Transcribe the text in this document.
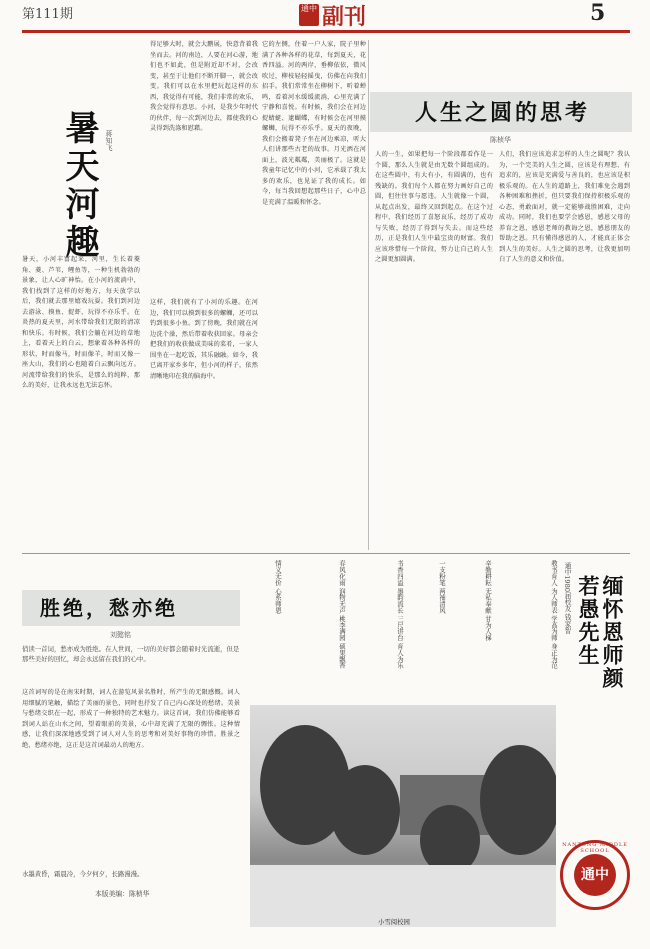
第111期	通中 副刊	5
暑天河趣 蒋知飞
得足够大时，就会大鹏展，快意背着我坐而去。河的南边，人要在河心游，地们也不如此，但是附近却不对，会改变，甚至于让他们不断开脚一，就会改变。我们可以在水里把玩起这样的东西，我觉得有可能，我们非常的欢乐，我会觉得有意思。小河，是我少年时代的伙伴，每一次到河边去，都使我的心灵得到洗涤和慰藉。
暑天，小河丰富起来，河里，生长着菱角、菱、芦苇，鲤鱼等，一种生机勃勃的景象，让人心旷神怡。在小河的流淌中，我们找到了这样的好地方，每天放学以后，我们就去那里嬉戏玩耍。我们到河边去游泳、摸鱼、捉虾，玩得不亦乐乎。在炎热的夏天里，河水带给我们无限的清凉和快乐。有时候，我们会躺在河边的草地上，看着天上的白云，想象着各种各样的形状，时而像马，时而像羊，时而又像一座大山，我们的心也随着白云飘向远方。河流带给我们的快乐，是那么的纯粹，那么的美好，让我永远也无法忘怀。
这样，我们就有了小河的乐趣。在河边，我们可以摸到很多的螺蛳，还可以钓到很多小鱼。到了傍晚，我们就在河边洗个澡，然后带着收获回家。母亲会把我们的收获做成美味的菜肴，一家人围坐在一起吃饭，其乐融融。如今，我已离开家乡多年，但小河的样子，依然清晰地印在我的脑海中。
它的左侧，住着一户人家，院子里种满了各种各样的花草，每到夏天，花香四溢。河的两岸，垂柳依依，微风吹过，柳枝轻轻摇曳，仿佛在向我们招手。我们常常坐在柳树下，听着蝉鸣，看着河水缓缓流淌，心里充满了宁静和喜悦。有时候，我们会在河边捉蜻蜓、逮蝴蝶，有时候会在河里摸螺蛳，玩得不亦乐乎。夏天的夜晚，我们会搬着凳子坐在河边乘凉，听大人们讲那些古老的故事。月光洒在河面上，波光粼粼，美丽极了。这就是我童年记忆中的小河，它承载了我太多的欢乐，也见证了我的成长。如今，每当我回想起那些日子，心中总是充满了温暖和怀念。
人生之圆的思考
陈桢华
人的一生，如果把每一个阶段都看作是一个圆，那么人生就是由无数个圆组成的。在这些圆中，有大有小，有圆满的，也有残缺的。我们每个人都在努力画好自己的圆，但往往事与愿违。人生就像一个圆，从起点出发，最终又回到起点。在这个过程中，我们经历了喜怒哀乐，经历了成功与失败，经历了得到与失去。而这些经历，正是我们人生中最宝贵的财富。我们应该珍惜每一个阶段，努力让自己的人生之圆更加圆满。
人们，我们应该追求怎样的人生之圆呢？我认为，一个完美的人生之圆，应该是有理想、有追求的，应该是充满爱与善良的，也应该是积极乐观的。在人生的道路上，我们难免会遇到各种困难和挫折，但只要我们保持积极乐观的心态，勇敢面对，就一定能够战胜困难，走向成功。同时，我们也要学会感恩，感恩父母的养育之恩，感恩老师的教诲之恩，感恩朋友的帮助之恩。只有懂得感恩的人，才能真正体会到人生的美好。人生之圆的思考，让我更加明白了人生的意义和价值。
胜绝，愁亦绝
刘懿铭
俏读一首词，愁亦成为胜绝。在人世间，一切的美好都会随着时光流逝，但是那些美好的回忆，却会永远留在我们的心中。
这首词写的是在南宋时期，词人在游览风景名胜时，所产生的无限感慨。词人用细腻的笔触，描绘了美丽的景色，同时也抒发了自己内心深处的愁绪。美景与愁绪交织在一起，形成了一种独特的艺术魅力。读这首词，我们仿佛能够看到词人站在山水之间，望着眼前的美景，心中却充满了无限的惆怅。这种情感，让我们深深地感受到了词人对人生的思考和对美好事物的珍惜。胜景之绝，愁绪亦绝，这正是这首词最动人的地方。
水墨黄昏，霜晨冷，今夕何夕，长路漫漫。
本版美编：陈桢华
情义无价 心系师恩	春风化雨 润物无声 桃李满园 硕果飘香	书香四溢 墨韵流长 三尺讲台 育人为乐	一支粉笔 两袖清风	辛勤耕耘 无私奉献 甘为人梯	教书育人 为人师表 学高为师 身正为范 通中1980届校友 钱家智	缅怀恩师颜若愚先生
小雪阅校园
通中
NANTONG MIDDLE SCHOOL
